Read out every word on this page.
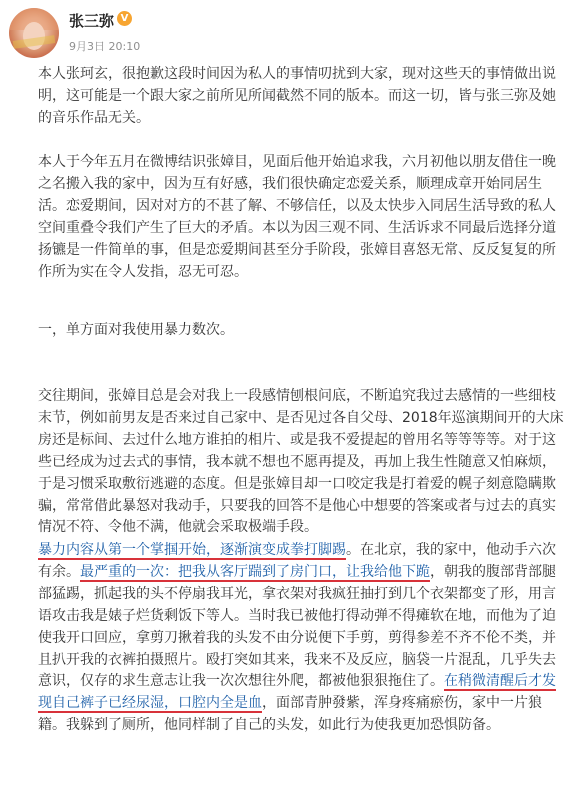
张三弥 V
9月3日 20:10

本人张珂玄，很抱歉这段时间因为私人的事情叨扰到大家，现对这些天的事情做出说明，这可能是一个跟大家之前所见所闻截然不同的版本。而这一切，皆与张三弥及她的音乐作品无关。

本人于今年五月在微博结识张嫜目，见面后他开始追求我，六月初他以朋友借住一晚之名搬入我的家中，因为互有好感，我们很快确定恋爱关系，顺理成章开始同居生活。恋爱期间，因对对方的不甚了解、不够信任，以及太快步入同居生活导致的私人空间重叠令我们产生了巨大的矛盾。本以为因三观不同、生活诉求不同最后选择分道扬镳是一件简单的事，但是恋爱期间甚至分手阶段，张嫜目喜怒无常、反反复复的所作所为实在令人发指，忍无可忍。

一，单方面对我使用暴力数次。

交往期间，张嫜目总是会对我上一段感情刨根问底，不断追究我过去感情的一些细枝末节，例如前男友是否来过自己家中、是否见过各自父母、2018年巡演期间开的大床房还是标间、去过什么地方谁拍的相片、或是我不爱提起的曾用名等等等等。对于这些已经成为过去式的事情，我本就不想也不愿再提及，再加上我生性随意又怕麻烦，于是习惯采取敷衍逃避的态度。但是张嫜目却一口咬定我是打着爱的幌子刻意隐瞒欺骗，常常借此暴怒对我动手，只要我的回答不是他心中想要的答案或者与过去的真实情况不符、令他不满，他就会采取极端手段。

暴力内容从第一个掌掴开始，逐渐演变成拳打脚踢。在北京，我的家中，他动手六次有余。最严重的一次：把我从客厅踹到了房门口，让我给他下跪，朝我的腹部背部腿部猛踢，抓起我的头不停扇我耳光，拿衣架对我疯狂抽打到几个衣架都变了形，用言语攻击我是婊子烂货剩饭下等人。当时我已被他打得动弹不得瘫软在地，而他为了迫使我开口回应，拿剪刀揪着我的头发不由分说便下手剪，剪得参差不齐不伦不类，并且扒开我的衣裤拍摄照片。殴打突如其来，我来不及反应，脑袋一片混乱，几乎失去意识，仅存的求生意志让我一次次想往外爬，都被他狠狠拖住了。在稍微清醒后才发现自己裤子已经尿湿，口腔内全是血，面部青肿發紫，浑身疼痛瘀伤，家中一片狼籍。我躲到了厕所，他同样制了自己的头发，如此行为使我更加恐惧防备。
